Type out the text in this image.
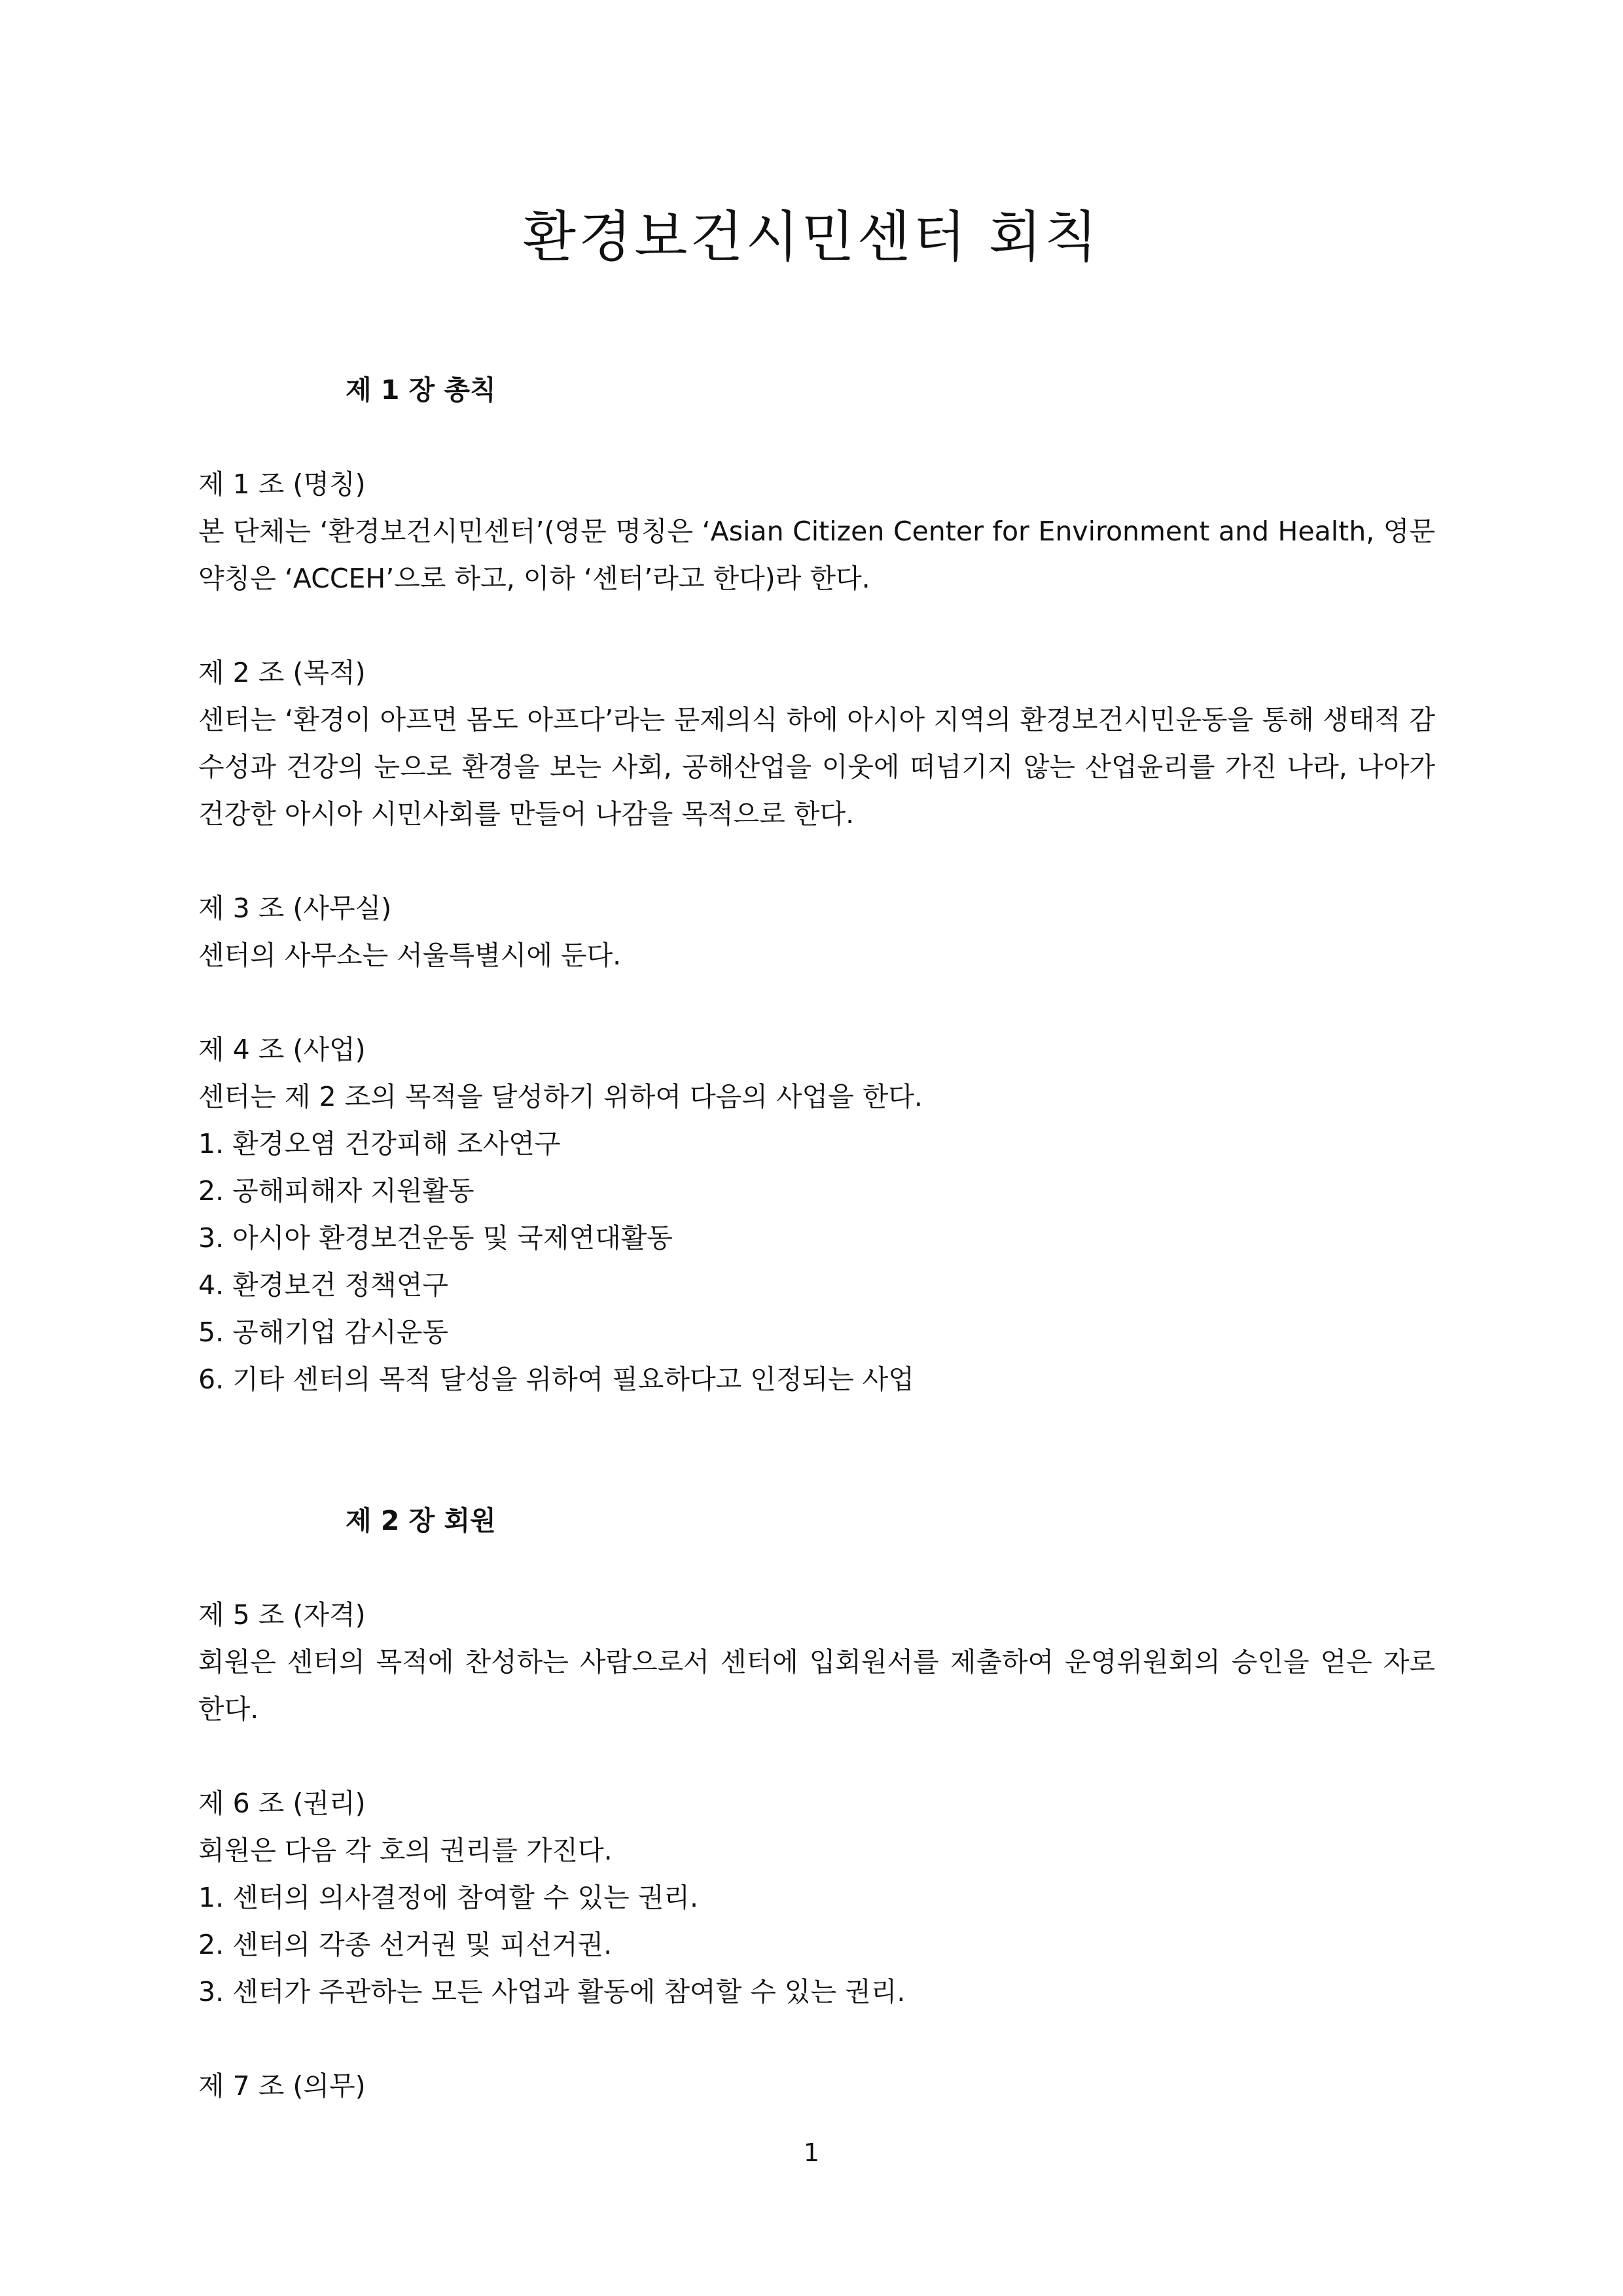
환경보건시민센터 회칙
제 1 장 총칙

제 1 조 (명칭)

본 단체는 ‘환경보건시민센터’(영문 명칭은 ‘Asian Citizen Center for Environment and Health, 영문 약칭은 ‘ACCEH’으로 하고, 이하 ‘센터’라고 한다)라 한다.

제 2 조 (목적)

센터는 ‘환경이 아프면 몸도 아프다’라는 문제의식 하에 아시아 지역의 환경보건시민운동을 통해 생태적 감수성과 건강의 눈으로 환경을 보는 사회, 공해산업을 이웃에 떠넘기지 않는 산업윤리를 가진 나라, 나아가 건강한 아시아 시민사회를 만들어 나감을 목적으로 한다.

제 3 조 (사무실)

센터의 사무소는 서울특별시에 둔다.

제 4 조 (사업)

센터는 제 2 조의 목적을 달성하기 위하여 다음의 사업을 한다.

1. 환경오염 건강피해 조사연구
2. 공해피해자 지원활동
3. 아시아 환경보건운동 및 국제연대활동
4. 환경보건 정책연구
5. 공해기업 감시운동
6. 기타 센터의 목적 달성을 위하여 필요하다고 인정되는 사업
제 2 장 회원

제 5 조 (자격)

회원은 센터의 목적에 찬성하는 사람으로서 센터에 입회원서를 제출하여 운영위원회의 승인을 얻은 자로 한다.

제 6 조 (권리)

회원은 다음 각 호의 권리를 가진다.

1. 센터의 의사결정에 참여할 수 있는 권리.
2. 센터의 각종 선거권 및 피선거권.
3. 센터가 주관하는 모든 사업과 활동에 참여할 수 있는 권리.

제 7 조 (의무)

1
